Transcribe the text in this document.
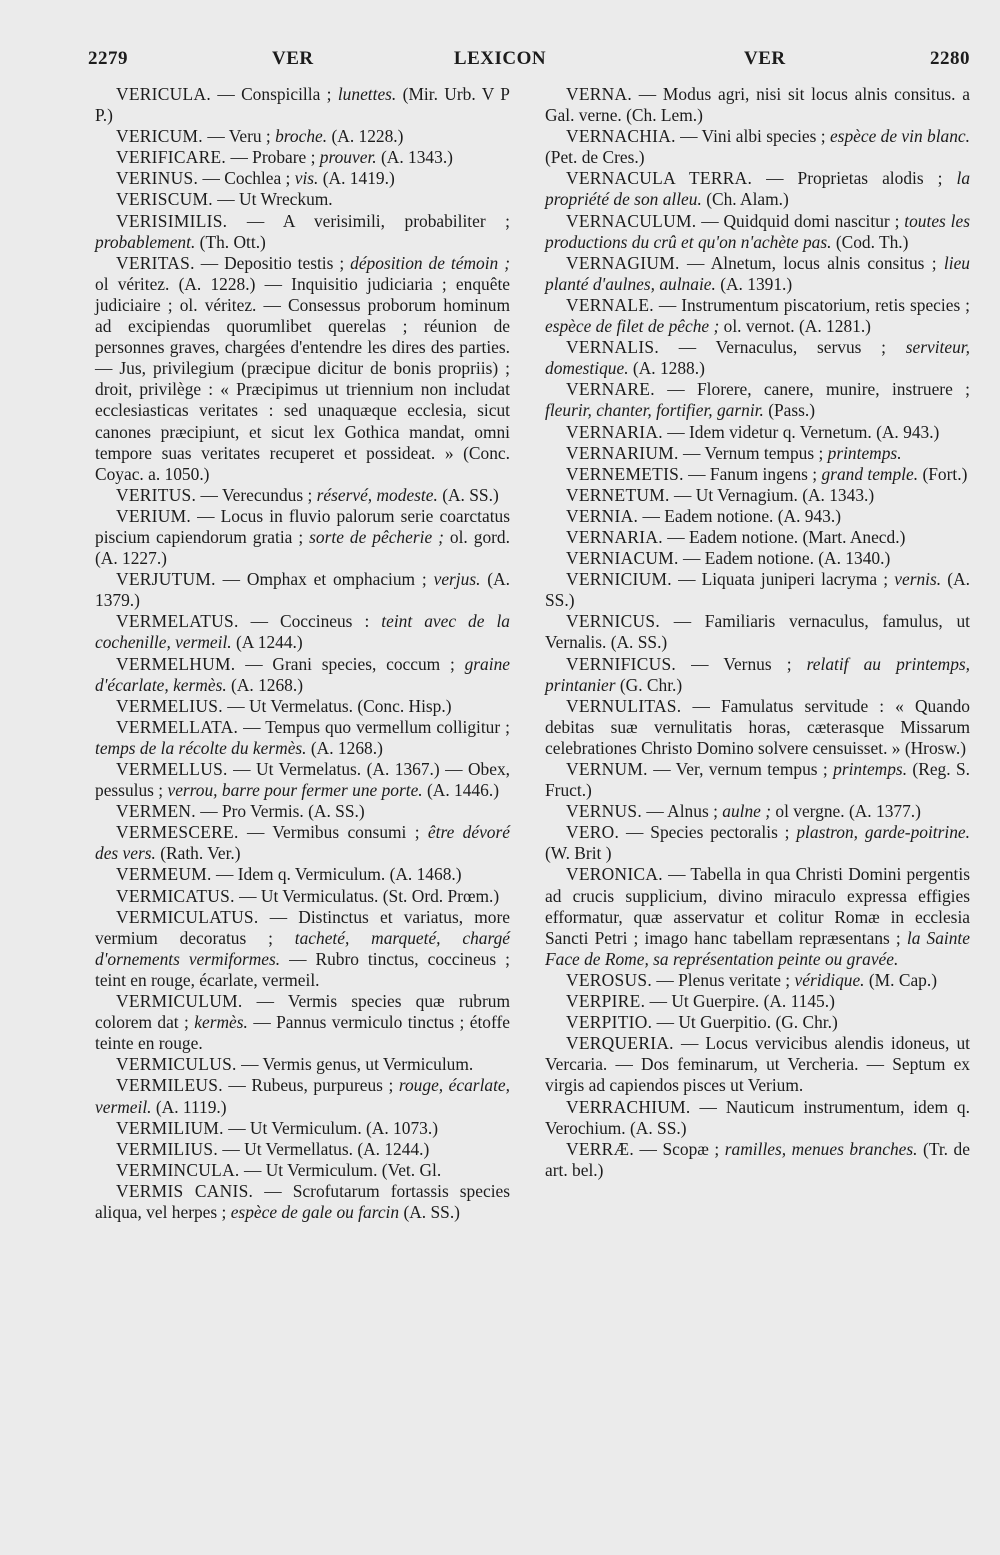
2279	VER	LEXICON	VER	2280

VERICULA. — Conspicilla ; lunettes. (Mir. Urb. V P P.)

VERICUM. — Veru ; broche. (A. 1228.)

VERIFICARE. — Probare ; prouver. (A. 1343.)

VERINUS. — Cochlea ; vis. (A. 1419.)

VERISCUM. — Ut Wreckum.

VERISIMILIS. — A verisimili, probabiliter ; probablement. (Th. Ott.)

VERITAS. — Depositio testis ; déposition de témoin ; ol véritez. (A. 1228.) — Inquisitio judiciaria ; enquête judiciaire ; ol. véritez. — Consessus proborum hominum ad excipiendas quorumlibet querelas ; réunion de personnes graves, chargées d'entendre les dires des parties. — Jus, privilegium (præcipue dicitur de bonis propriis) ; droit, privilège : « Præcipimus ut triennium non includat ecclesiasticas veritates : sed unaquæque ecclesia, sicut canones præcipiunt, et sicut lex Gothica mandat, omni tempore suas veritates recuperet et possideat. » (Conc. Coyac. a. 1050.)

VERITUS. — Verecundus ; réservé, modeste. (A. SS.)

VERIUM. — Locus in fluvio palorum serie coarctatus piscium capiendorum gratia ; sorte de pêcherie ; ol. gord. (A. 1227.)

VERJUTUM. — Omphax et omphacium ; verjus. (A. 1379.)

VERMELATUS. — Coccineus : teint avec de la cochenille, vermeil. (A 1244.)

VERMELHUM. — Grani species, coccum ; graine d'écarlate, kermès. (A. 1268.)

VERMELIUS. — Ut Vermelatus. (Conc. Hisp.)

VERMELLATA. — Tempus quo vermellum colligitur ; temps de la récolte du kermès. (A. 1268.)

VERMELLUS. — Ut Vermelatus. (A. 1367.) — Obex, pessulus ; verrou, barre pour fermer une porte. (A. 1446.)

VERMEN. — Pro Vermis. (A. SS.)

VERMESCERE. — Vermibus consumi ; être dévoré des vers. (Rath. Ver.)

VERMEUM. — Idem q. Vermiculum. (A. 1468.)

VERMICATUS. — Ut Vermiculatus. (St. Ord. Prœm.)

VERMICULATUS. — Distinctus et variatus, more vermium decoratus ; tacheté, marqueté, chargé d'ornements vermiformes. — Rubro tinctus, coccineus ; teint en rouge, écarlate, vermeil.

VERMICULUM. — Vermis species quæ rubrum colorem dat ; kermès. — Pannus vermiculo tinctus ; étoffe teinte en rouge.

VERMICULUS. — Vermis genus, ut Vermiculum.

VERMILEUS. — Rubeus, purpureus ; rouge, écarlate, vermeil. (A. 1119.)

VERMILIUM. — Ut Vermiculum. (A. 1073.)

VERMILIUS. — Ut Vermellatus. (A. 1244.)

VERMINCULA. — Ut Vermiculum. (Vet. Gl.

VERMIS CANIS. — Scrofutarum fortassis species aliqua, vel herpes ; espèce de gale ou farcin (A. SS.)

VERNA. — Modus agri, nisi sit locus alnis consitus. a Gal. verne. (Ch. Lem.)

VERNACHIA. — Vini albi species ; espèce de vin blanc. (Pet. de Cres.)

VERNACULA TERRA. — Proprietas alodis ; la propriété de son alleu. (Ch. Alam.)

VERNACULUM. — Quidquid domi nascitur ; toutes les productions du crû et qu'on n'achète pas. (Cod. Th.)

VERNAGIUM. — Alnetum, locus alnis consitus ; lieu planté d'aulnes, aulnaie. (A. 1391.)

VERNALE. — Instrumentum piscatorium, retis species ; espèce de filet de pêche ; ol. vernot. (A. 1281.)

VERNALIS. — Vernaculus, servus ; serviteur, domestique. (A. 1288.)

VERNARE. — Florere, canere, munire, instruere ; fleurir, chanter, fortifier, garnir. (Pass.)

VERNARIA. — Idem videtur q. Vernetum. (A. 943.)

VERNARIUM. — Vernum tempus ; printemps.

VERNEMETIS. — Fanum ingens ; grand temple. (Fort.)

VERNETUM. — Ut Vernagium. (A. 1343.)

VERNIA. — Eadem notione. (A. 943.)

VERNARIA. — Eadem notione. (Mart. Anecd.)

VERNIACUM. — Eadem notione. (A. 1340.)

VERNICIUM. — Liquata juniperi lacryma ; vernis. (A. SS.)

VERNICUS. — Familiaris vernaculus, famulus, ut Vernalis. (A. SS.)

VERNIFICUS. — Vernus ; relatif au printemps, printanier (G. Chr.)

VERNULITAS. — Famulatus servitude : « Quando debitas suæ vernulitatis horas, cæterasque Missarum celebrationes Christo Domino solvere censuisset. » (Hrosw.)

VERNUM. — Ver, vernum tempus ; printemps. (Reg. S. Fruct.)

VERNUS. — Alnus ; aulne ; ol vergne. (A. 1377.)

VERO. — Species pectoralis ; plastron, garde-poitrine. (W. Brit )

VERONICA. — Tabella in qua Christi Domini pergentis ad crucis supplicium, divino miraculo expressa effigies efformatur, quæ asservatur et colitur Romæ in ecclesia Sancti Petri ; imago hanc tabellam repræsentans ; la Sainte Face de Rome, sa représentation peinte ou gravée.

VEROSUS. — Plenus veritate ; véridique. (M. Cap.)

VERPIRE. — Ut Guerpire. (A. 1145.)

VERPITIO. — Ut Guerpitio. (G. Chr.)

VERQUERIA. — Locus vervicibus alendis idoneus, ut Vercaria. — Dos feminarum, ut Vercheria. — Septum ex virgis ad capiendos pisces ut Verium.

VERRACHIUM. — Nauticum instrumentum, idem q. Verochium. (A. SS.)

VERRÆ. — Scopæ ; ramilles, menues branches. (Tr. de art. bel.)
